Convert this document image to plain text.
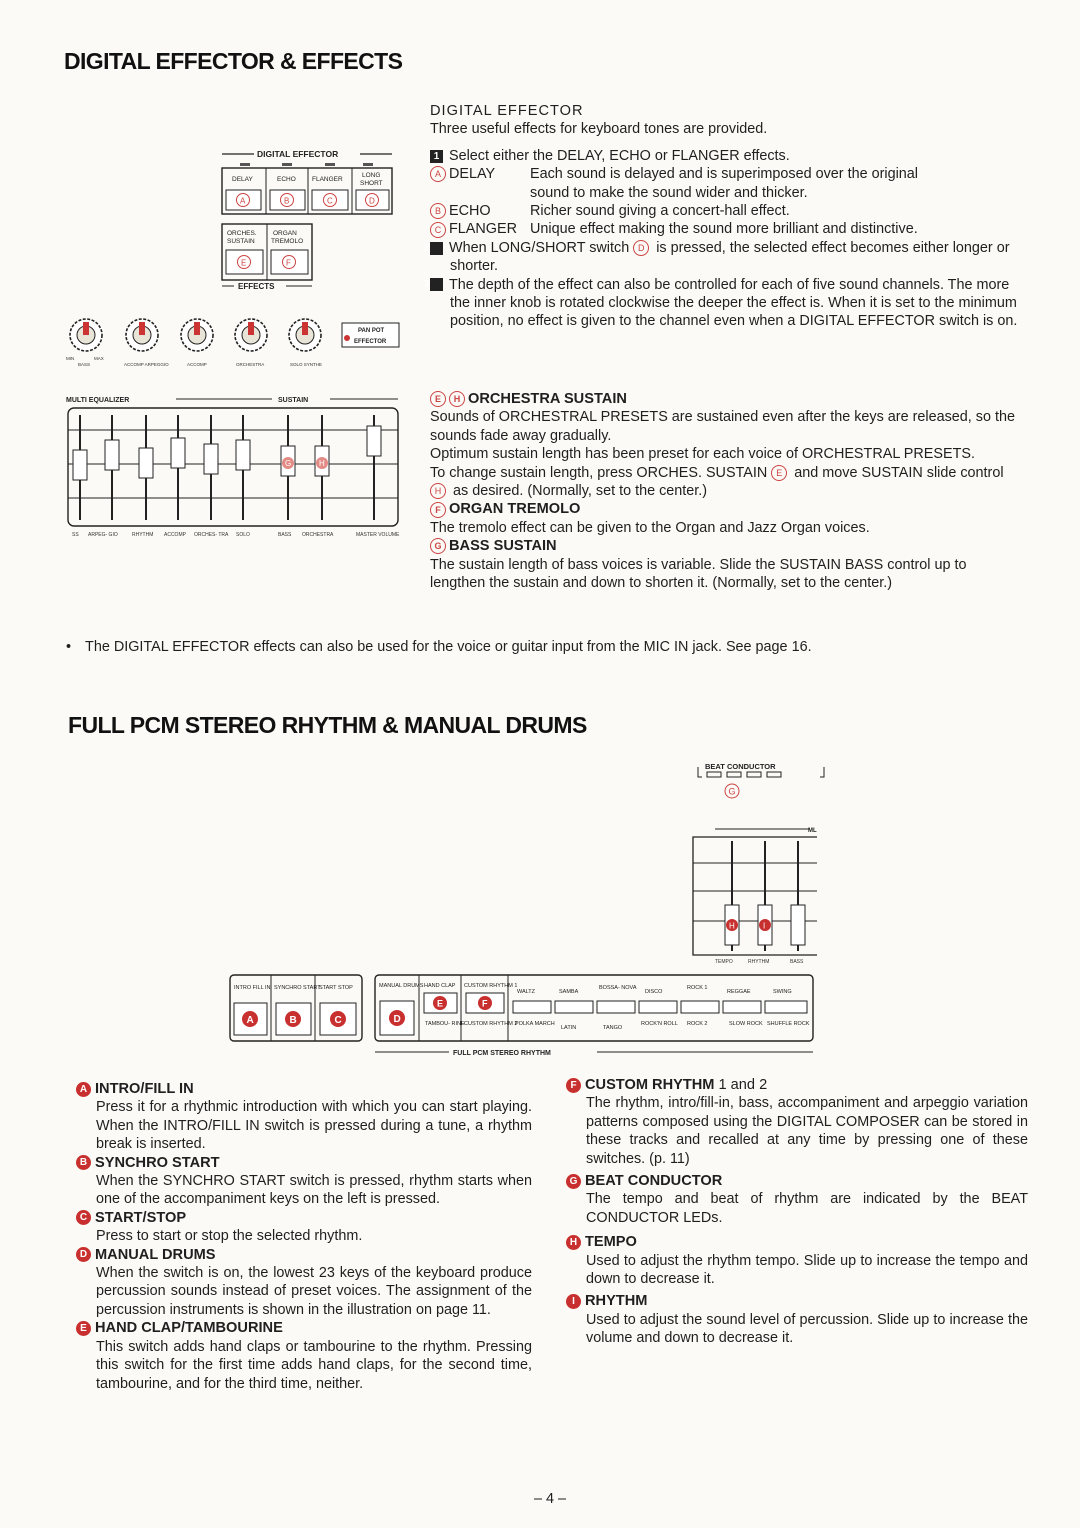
DIGITAL EFFECTOR & EFFECTS
DIGITAL EFFECTOR
DELAY	ECHO FLANGER
LONG
SHORT
A	B	C	D
ORCHES.
SUSTAIN
ORGAN
TREMOLO
E	F
EFFECTS
PAN POT
EFFECTOR
MIN	MAX
BASS	ACCOMP ARPEGGIO	ACCOMP	ORCHESTRA	SOLO SYNTHE
MULTI EQUALIZER	SUSTAIN
G	H
SS ARPEG- GIO	RHYTHM ACCOMP ORCHES- TRA SOLO	BASS ORCHESTRA	MASTER VOLUME

DIGITAL EFFECTOR

Three useful effects for keyboard tones are provided.

1 Select either the DELAY, ECHO or FLANGER effects.

A DELAY	Each sound is delayed and is superimposed over the original
sound to make the sound wider and thicker.
B ECHO	Richer sound giving a concert-hall effect.
C FLANGER Unique effect making the sound more brilliant and distinctive.

2 When LONG/SHORT switch D is pressed, the selected effect becomes either longer or shorter.

3 The depth of the effect can also be controlled for each of five sound channels. The more the inner knob is rotated clockwise the deeper the effect is. When it is set to the minimum position, no effect is given to the channel even when a DIGITAL EFFECTOR switch is on.

E H ORCHESTRA SUSTAIN

Sounds of ORCHESTRAL PRESETS are sustained even after the keys are released, so the sounds fade away gradually.

Optimum sustain length has been preset for each voice of ORCHESTRAL PRESETS.

To change sustain length, press ORCHES. SUSTAIN E and move SUSTAIN slide control H as desired. (Normally, set to the center.)

F ORGAN TREMOLO

The tremolo effect can be given to the Organ and Jazz Organ voices.

G BASS SUSTAIN

The sustain length of bass voices is variable. Slide the SUSTAIN BASS control up to lengthen the sustain and down to shorten it. (Normally, set to the center.)

• The DIGITAL EFFECTOR effects can also be used for the voice or guitar input from the MIC IN jack. See page 16.
FULL PCM STEREO RHYTHM & MANUAL DRUMS
BEAT CONDUCTOR
G
ML
H	I
TEMPO	RHYTHM	BASS
INTRO FILL IN SYNCHRO START
START STOP
A	B	C
MANUAL DRUMS
D
HAND CLAP
E
TAMBOU- RINE
CUSTOM RHYTHM 1
F
CUSTOM RHYTHM 2
WALTZ	SAMBA
BOSSA- NOVA
DISCO
ROCK 1
REGGAE	SWING
POLKA MARCH
LATIN	TANGO
ROCK'N ROLL ROCK 2	SLOW ROCK SHUFFLE ROCK
FULL PCM STEREO RHYTHM

A INTRO/FILL IN

Press it for a rhythmic introduction with which you can start playing. When the INTRO/FILL IN switch is pressed during a tune, a rhythm break is inserted.

B SYNCHRO START

When the SYNCHRO START switch is pressed, rhythm starts when one of the accompaniment keys on the left is pressed.

C START/STOP

Press to start or stop the selected rhythm.

D MANUAL DRUMS

When the switch is on, the lowest 23 keys of the keyboard produce percussion sounds instead of preset voices. The assignment of the percussion instruments is shown in the illustration on page 11.

E HAND CLAP/TAMBOURINE

This switch adds hand claps or tambourine to the rhythm. Pressing this switch for the first time adds hand claps, for the second time, tambourine, and for the third time, neither.

F CUSTOM RHYTHM 1 and 2

The rhythm, intro/fill-in, bass, accompaniment and arpeggio variation patterns composed using the DIGITAL COMPOSER can be stored in these tracks and recalled at any time by pressing one of these switches. (p. 11)

G BEAT CONDUCTOR

The tempo and beat of rhythm are indicated by the BEAT CONDUCTOR LEDs.

H TEMPO

Used to adjust the rhythm tempo. Slide up to increase the tempo and down to decrease it.

I RHYTHM

Used to adjust the sound level of percussion. Slide up to increase the volume and down to decrease it.

– 4 –
